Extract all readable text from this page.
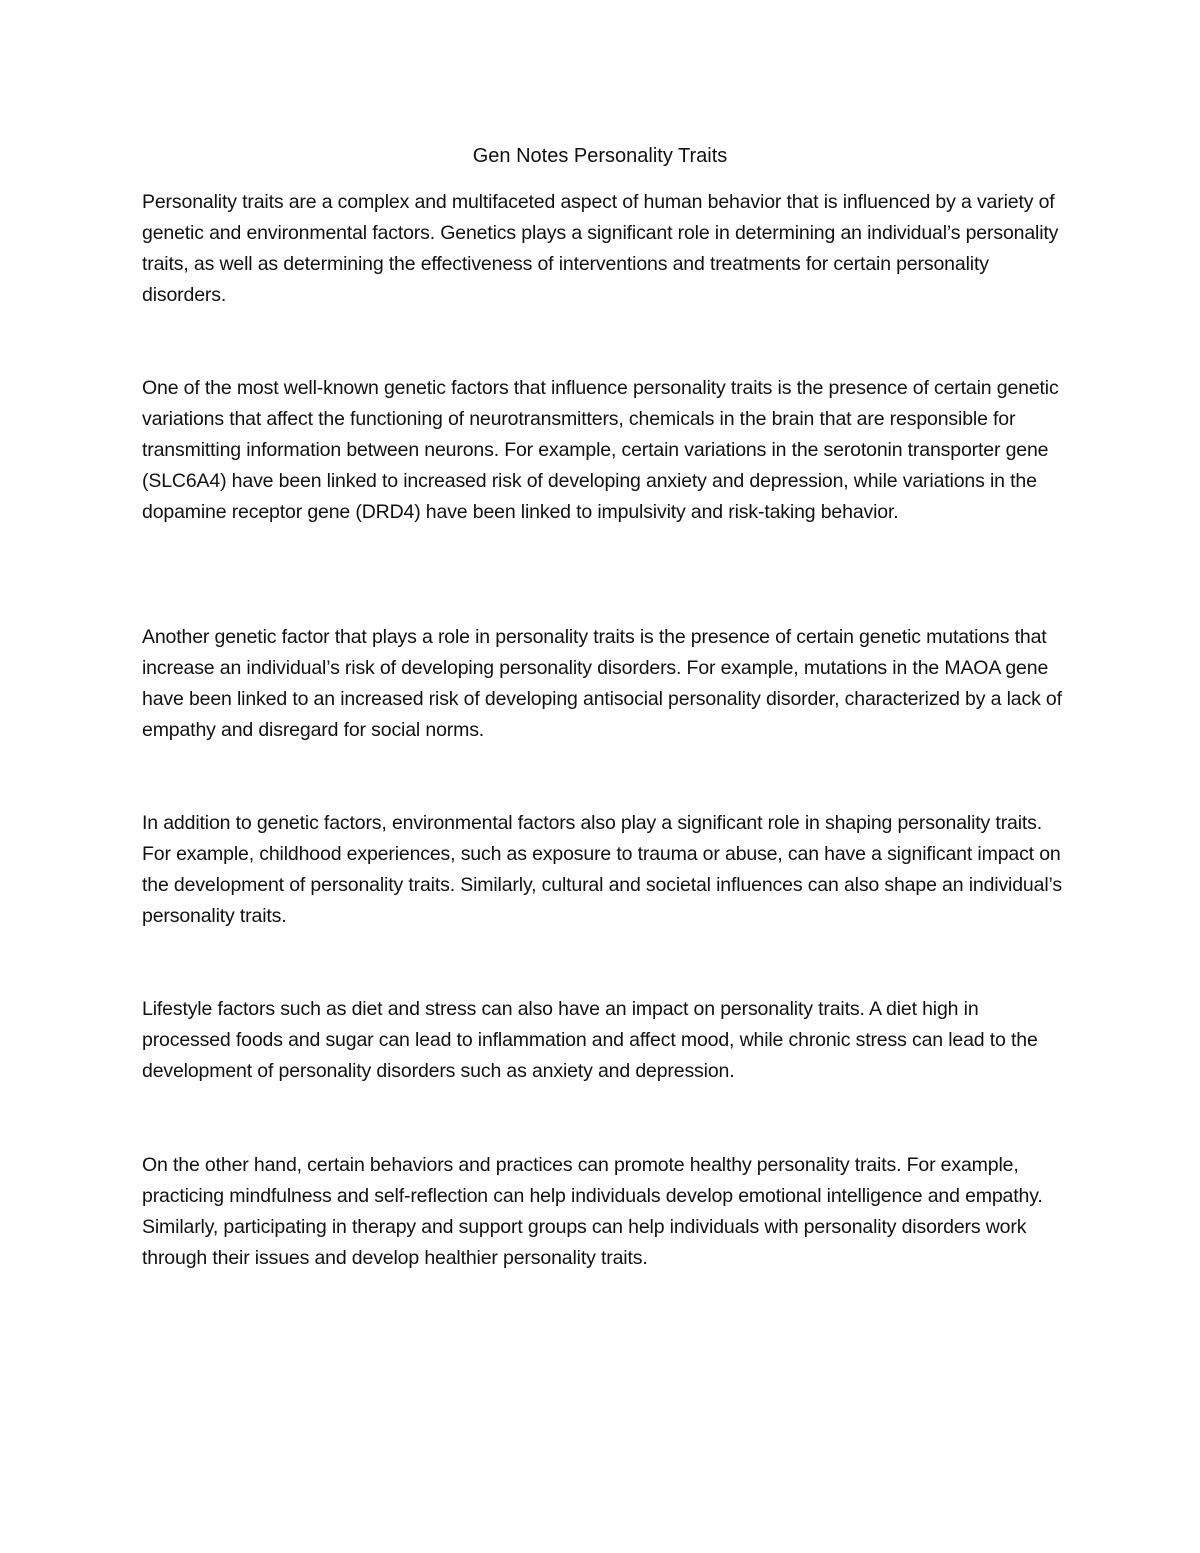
Gen Notes Personality Traits

Personality traits are a complex and multifaceted aspect of human behavior that is influenced by a variety of genetic and environmental factors. Genetics plays a significant role in determining an individual’s personality traits, as well as determining the effectiveness of interventions and treatments for certain personality disorders.

One of the most well-known genetic factors that influence personality traits is the presence of certain genetic variations that affect the functioning of neurotransmitters, chemicals in the brain that are responsible for transmitting information between neurons. For example, certain variations in the serotonin transporter gene (SLC6A4) have been linked to increased risk of developing anxiety and depression, while variations in the dopamine receptor gene (DRD4) have been linked to impulsivity and risk-taking behavior.

Another genetic factor that plays a role in personality traits is the presence of certain genetic mutations that increase an individual’s risk of developing personality disorders. For example, mutations in the MAOA gene have been linked to an increased risk of developing antisocial personality disorder, characterized by a lack of empathy and disregard for social norms.

In addition to genetic factors, environmental factors also play a significant role in shaping personality traits. For example, childhood experiences, such as exposure to trauma or abuse, can have a significant impact on the development of personality traits. Similarly, cultural and societal influences can also shape an individual’s personality traits.

Lifestyle factors such as diet and stress can also have an impact on personality traits. A diet high in processed foods and sugar can lead to inflammation and affect mood, while chronic stress can lead to the development of personality disorders such as anxiety and depression.

On the other hand, certain behaviors and practices can promote healthy personality traits. For example, practicing mindfulness and self-reflection can help individuals develop emotional intelligence and empathy. Similarly, participating in therapy and support groups can help individuals with personality disorders work through their issues and develop healthier personality traits.
